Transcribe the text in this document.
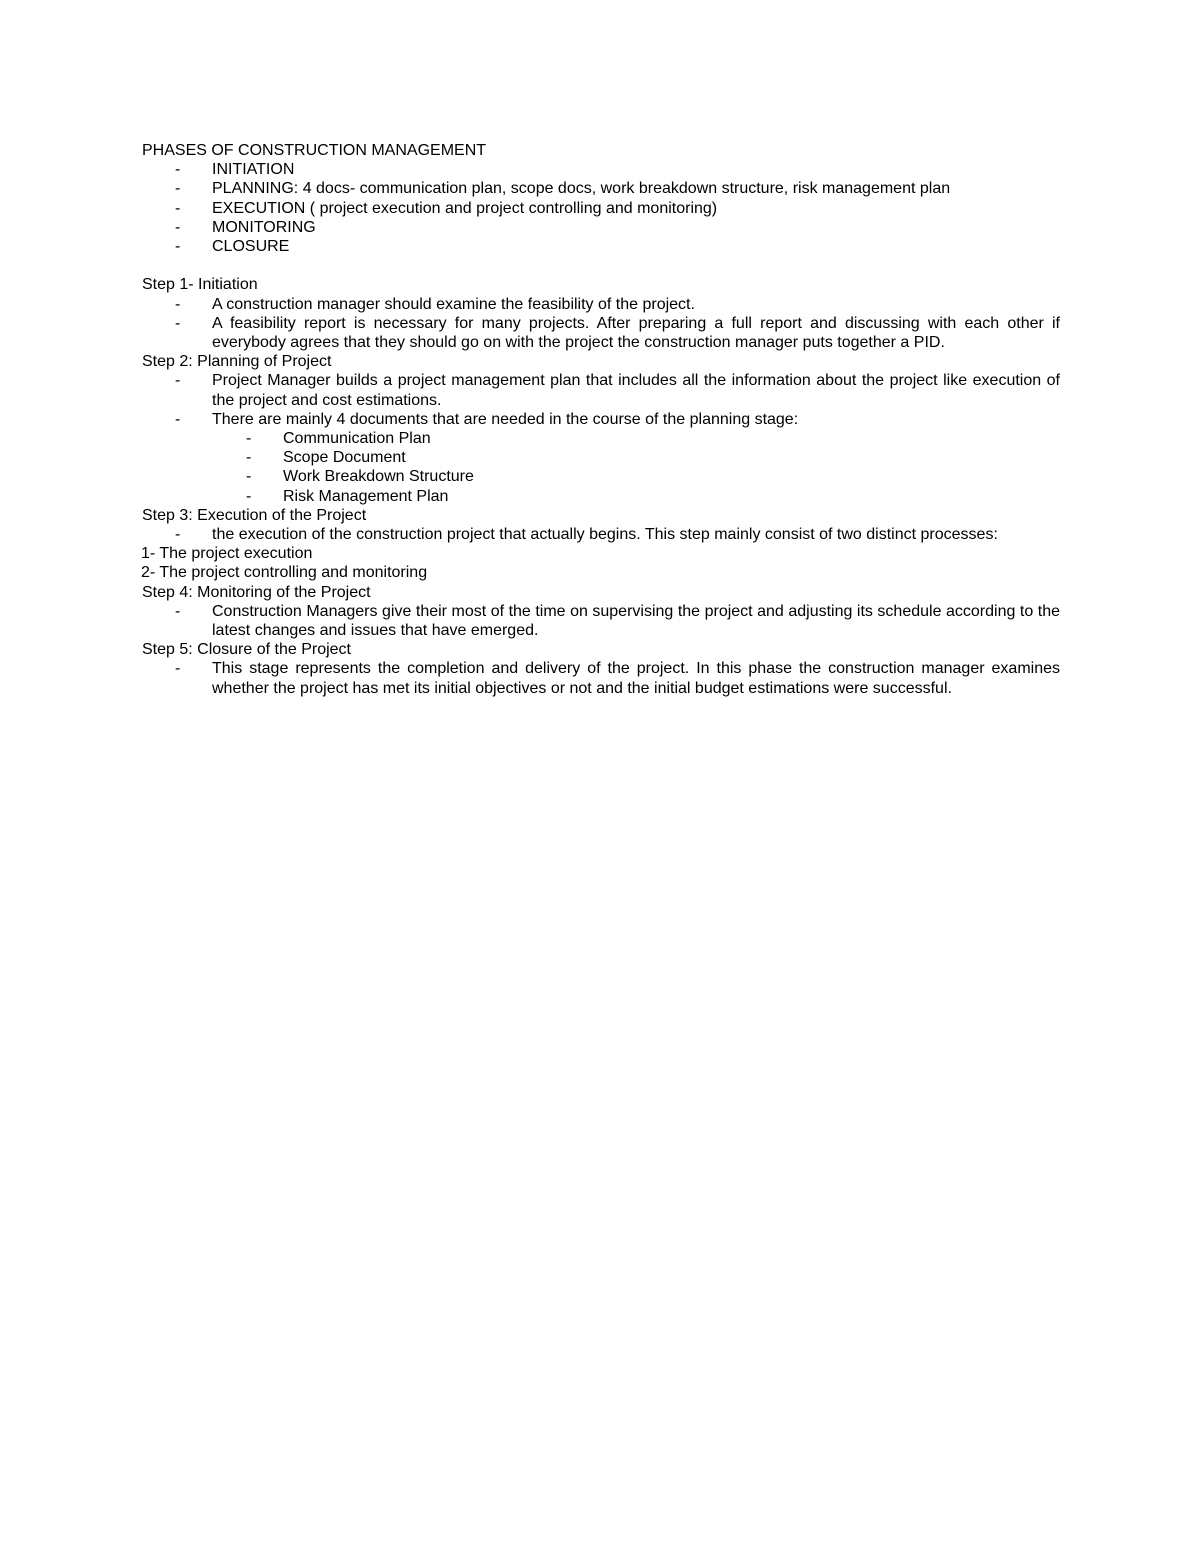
PHASES OF CONSTRUCTION MANAGEMENT
-	INITIATION
-	PLANNING: 4 docs- communication plan, scope docs, work breakdown structure, risk management plan
-	EXECUTION ( project execution and project controlling and monitoring)
-	MONITORING
-	CLOSURE
Step 1- Initiation
-	A construction manager should examine the feasibility of the project.
-	A feasibility report is necessary for many projects. After preparing a full report and discussing with each other if everybody agrees that they should go on with the project the construction manager puts together a PID.
Step 2: Planning of Project
-	Project Manager builds a project management plan that includes all the information about the project like execution of the project and cost estimations.
-	There are mainly 4 documents that are needed in the course of the planning stage:
-	Communication Plan
-	Scope Document
-	Work Breakdown Structure
-	Risk Management Plan
Step 3: Execution of the Project
-	the execution of the construction project that actually begins. This step mainly consist of two distinct processes:
1- The project execution
2- The project controlling and monitoring
Step 4: Monitoring of the Project
-	Construction Managers give their most of the time on supervising the project and adjusting its schedule according to the latest changes and issues that have emerged.
Step 5: Closure of the Project
-	This stage represents the completion and delivery of the project. In this phase the construction manager examines whether the project has met its initial objectives or not and the initial budget estimations were successful.
